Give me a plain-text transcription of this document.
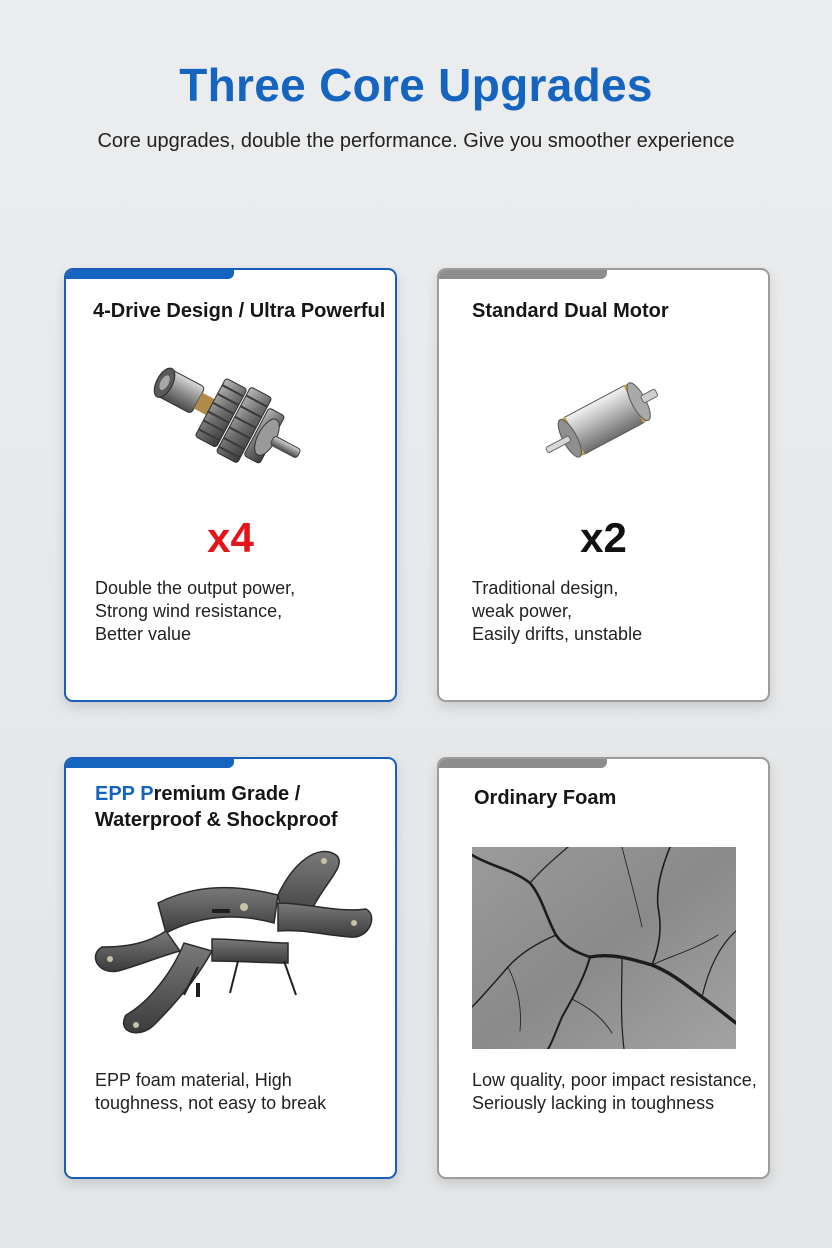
Three Core Upgrades

Core upgrades, double the performance. Give you smoother experience

4-Drive Design / Ultra Powerful
x4
Double the output power,
Strong wind resistance,
Better value
Standard Dual Motor
x2
Traditional design,
weak power,
Easily drifts, unstable
EPP Premium Grade /
Waterproof & Shockproof
EPP foam material, High
toughness, not easy to break
Ordinary Foam
Low quality, poor impact resistance,
Seriously lacking in toughness
